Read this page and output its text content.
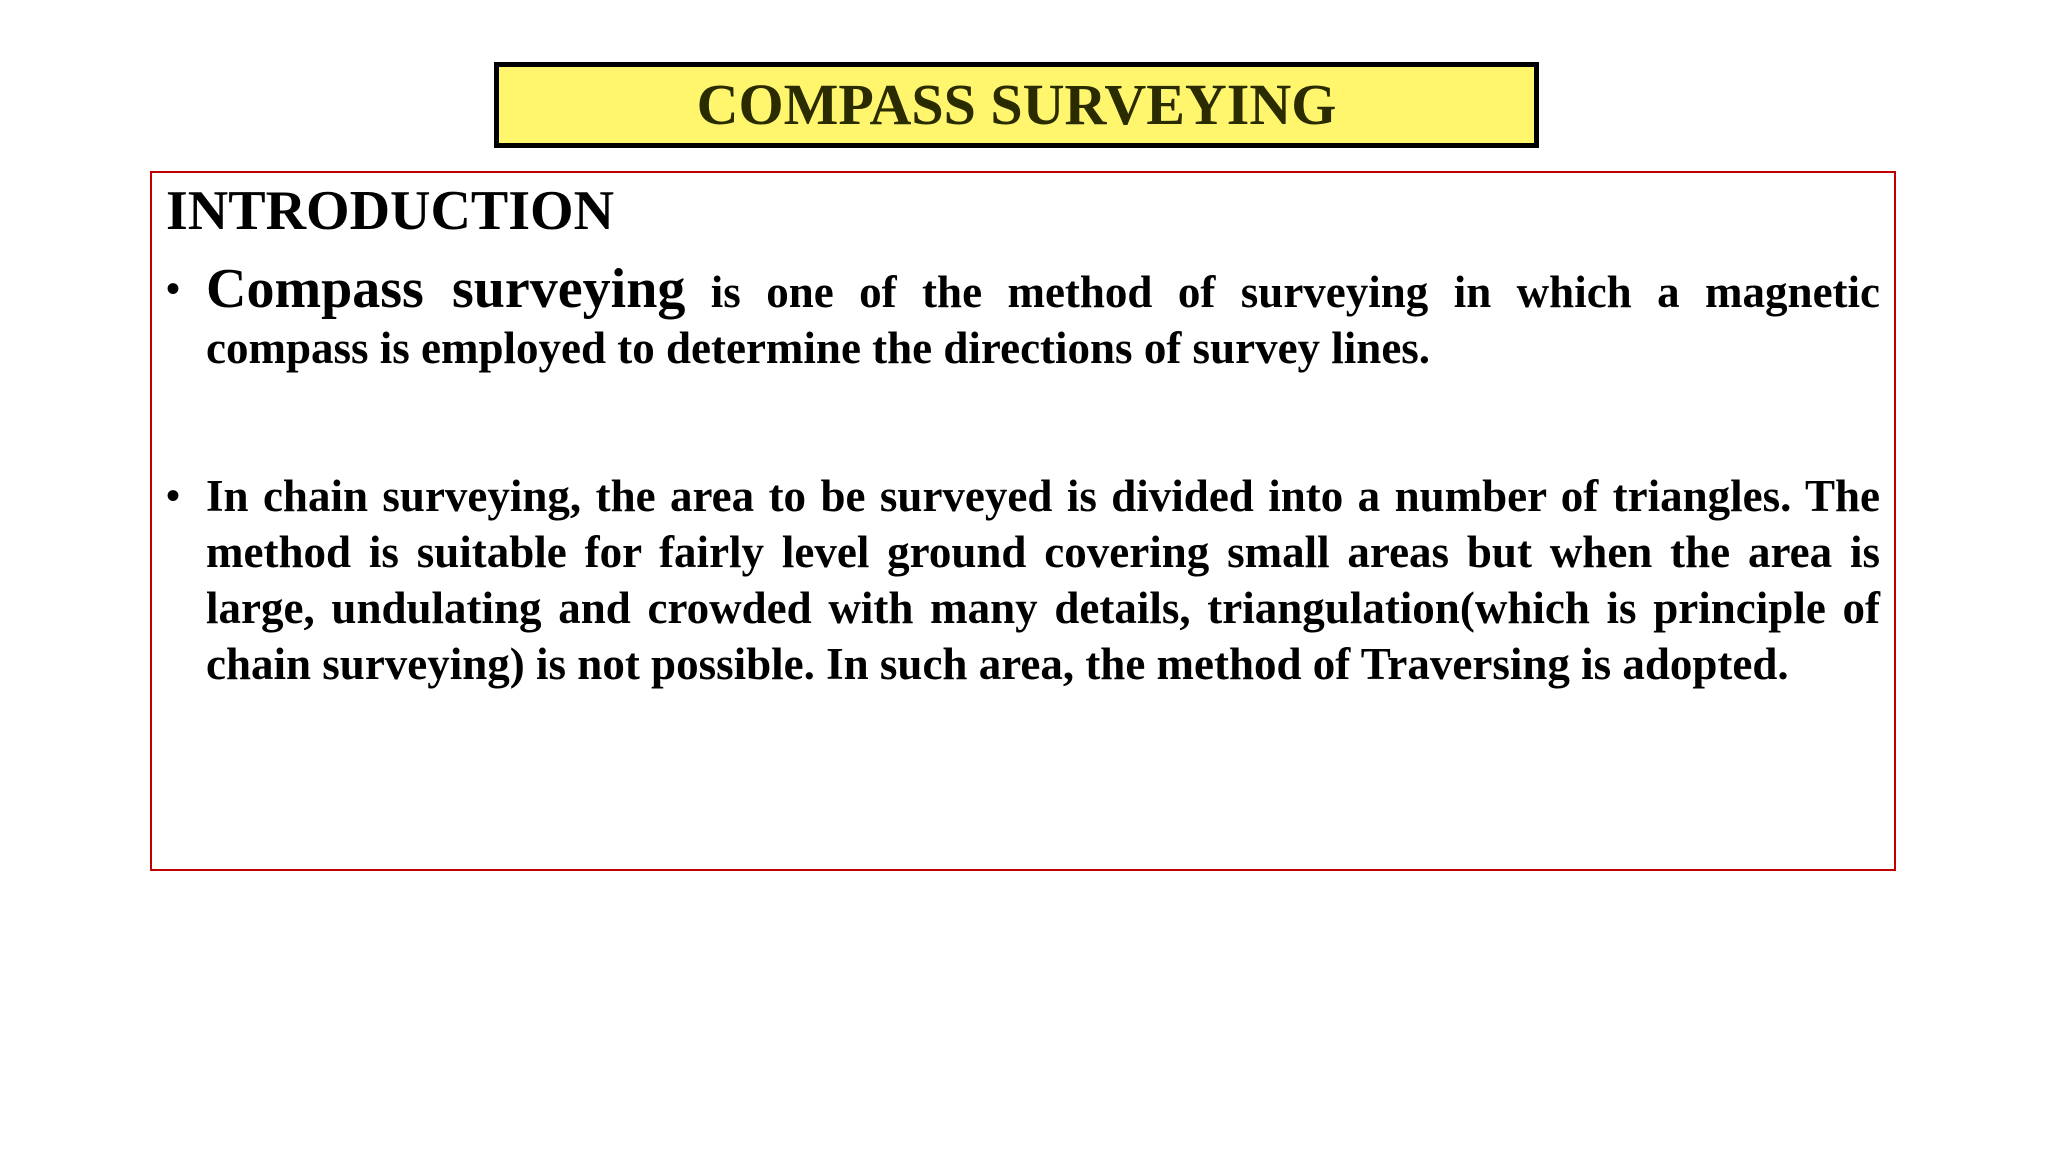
COMPASS SURVEYING
INTRODUCTION
• Compass surveying is one of the method of surveying in which a magnetic compass is employed to determine the directions of survey lines.
• In chain surveying, the area to be surveyed is divided into a number of triangles. The method is suitable for fairly level ground covering small areas but when the area is large, undulating and crowded with many details, triangulation(which is principle of chain surveying) is not possible. In such area, the method of Traversing is adopted.
